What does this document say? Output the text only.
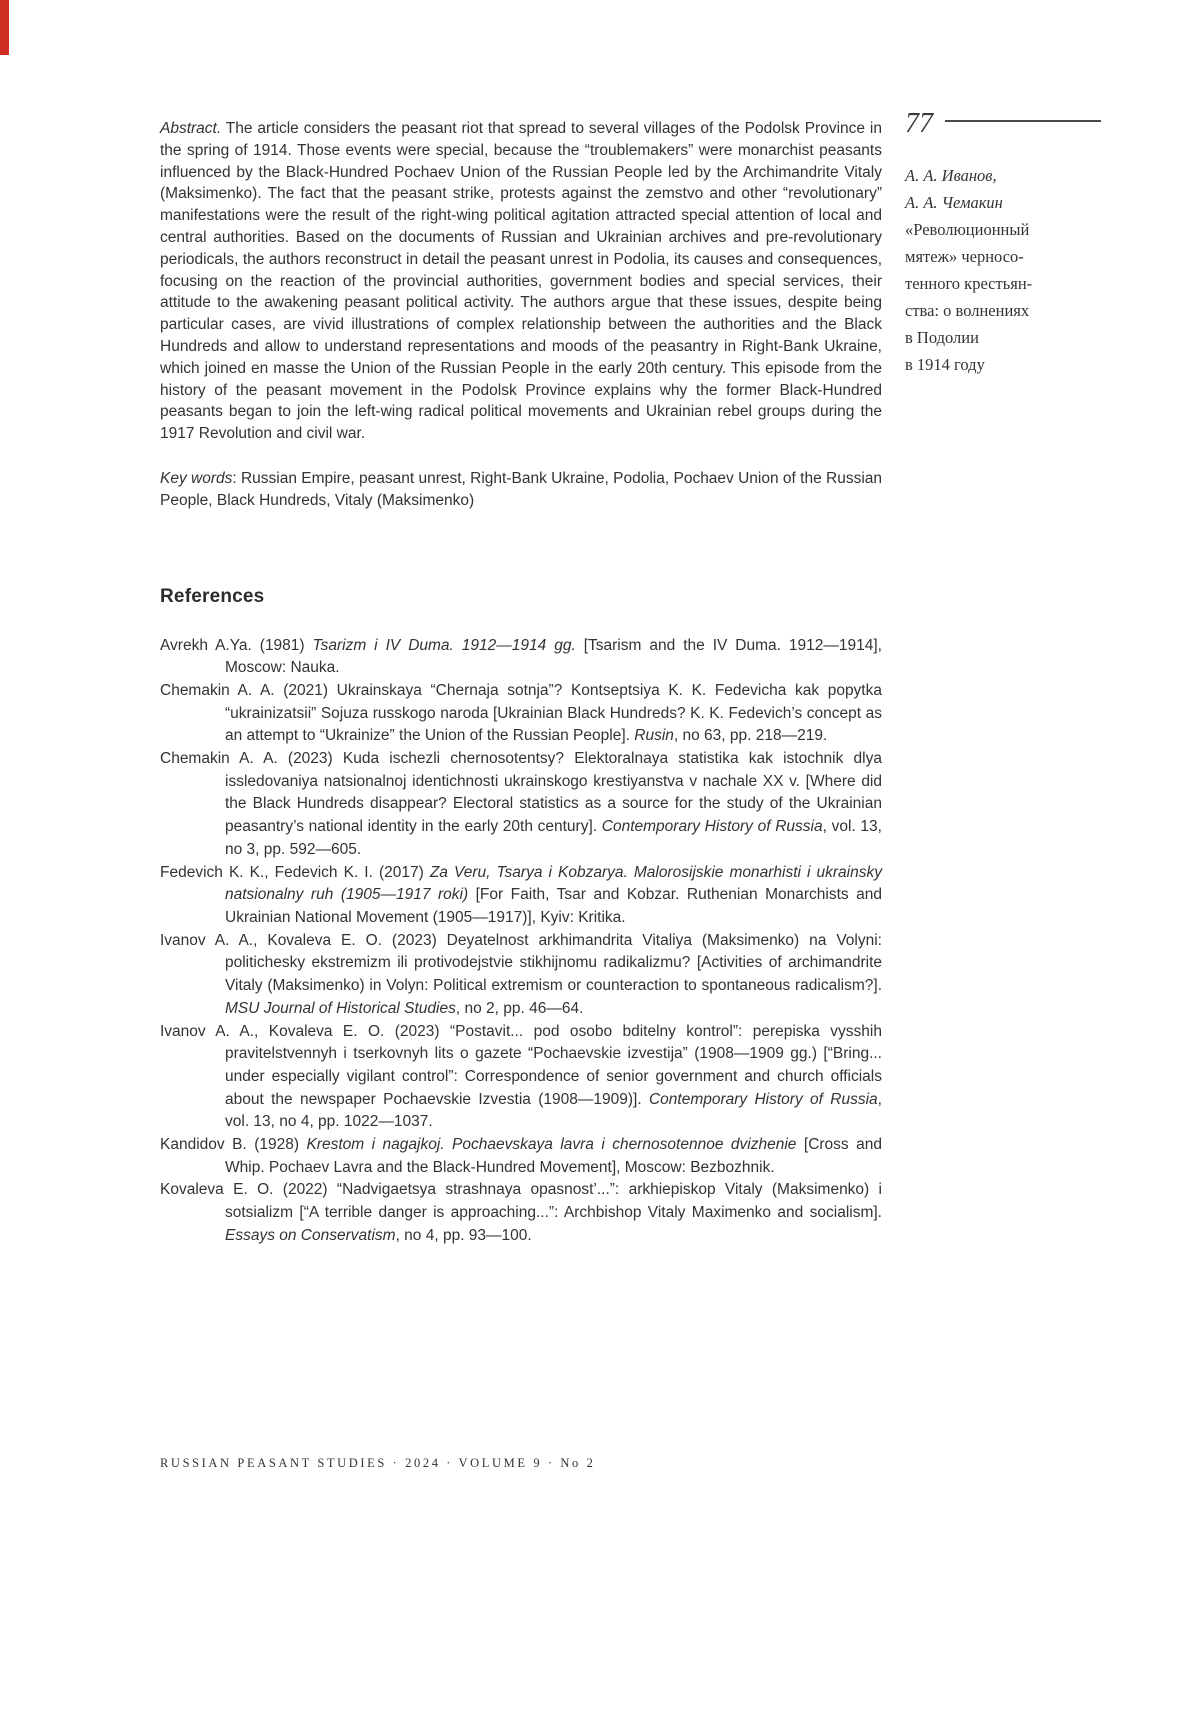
Abstract. The article considers the peasant riot that spread to several villages of the Podolsk Province in the spring of 1914. Those events were special, because the “troublemakers” were monarchist peasants influenced by the Black-Hundred Pochaev Union of the Russian People led by the Archimandrite Vitaly (Maksimenko). The fact that the peasant strike, protests against the zemstvo and other “revolutionary” manifestations were the result of the right-wing political agitation attracted special attention of local and central authorities. Based on the documents of Russian and Ukrainian archives and pre-revolutionary periodicals, the authors reconstruct in detail the peasant unrest in Podolia, its causes and consequences, focusing on the reaction of the provincial authorities, government bodies and special services, their attitude to the awakening peasant political activity. The authors argue that these issues, despite being particular cases, are vivid illustrations of complex relationship between the authorities and the Black Hundreds and allow to understand representations and moods of the peasantry in Right-Bank Ukraine, which joined en masse the Union of the Russian People in the early 20th century. This episode from the history of the peasant movement in the Podolsk Province explains why the former Black-Hundred peasants began to join the left-wing radical political movements and Ukrainian rebel groups during the 1917 Revolution and civil war.

Key words: Russian Empire, peasant unrest, Right-Bank Ukraine, Podolia, Pochaev Union of the Russian People, Black Hundreds, Vitaly (Maksimenko)

References

Avrekh A.Ya. (1981) Tsarizm i IV Duma. 1912—1914 gg. [Tsarism and the IV Duma. 1912—1914], Moscow: Nauka.

Chemakin A. A. (2021) Ukrainskaya “Chernaja sotnja”? Kontseptsiya K. K. Fedevicha kak popytka “ukrainizatsii” Sojuza russkogo naroda [Ukrainian Black Hundreds? K. K. Fedevich’s concept as an attempt to “Ukrainize” the Union of the Russian People]. Rusin, no 63, pp. 218—219.

Chemakin A. A. (2023) Kuda ischezli chernosotentsy? Elektoralnaya statistika kak istochnik dlya issledovaniya natsionalnoj identichnosti ukrainskogo krestiyanstva v nachale XX v. [Where did the Black Hundreds disappear? Electoral statistics as a source for the study of the Ukrainian peasantry’s national identity in the early 20th century]. Contemporary History of Russia, vol. 13, no 3, pp. 592—605.

Fedevich K. K., Fedevich K. I. (2017) Za Veru, Tsarya i Kobzarya. Malorosijskie monarhisti i ukrainsky natsionalny ruh (1905—1917 roki) [For Faith, Tsar and Kobzar. Ruthenian Monarchists and Ukrainian National Movement (1905—1917)], Kyiv: Kritika.

Ivanov A. A., Kovaleva E. O. (2023) Deyatelnost arkhimandrita Vitaliya (Maksimenko) na Volyni: politichesky ekstremizm ili protivodejstvie stikhijnomu radikalizmu? [Activities of archimandrite Vitaly (Maksimenko) in Volyn: Political extremism or counteraction to spontaneous radicalism?]. MSU Journal of Historical Studies, no 2, pp. 46—64.

Ivanov A. A., Kovaleva E. O. (2023) “Postavit... pod osobo bditelny kontrol”: perepiska vysshih pravitelstvennyh i tserkovnyh lits o gazete “Pochaevskie izvestija” (1908—1909 gg.) [“Bring... under especially vigilant control”: Correspondence of senior government and church officials about the newspaper Pochaevskie Izvestia (1908—1909)]. Contemporary History of Russia, vol. 13, no 4, pp. 1022—1037.

Kandidov B. (1928) Krestom i nagajkoj. Pochaevskaya lavra i chernosotennoe dvizhenie [Cross and Whip. Pochaev Lavra and the Black-Hundred Movement], Moscow: Bezbozhnik.

Kovaleva E. O. (2022) “Nadvigaetsya strashnaya opasnost’...”: arkhiepiskop Vitaly (Maksimenko) i sotsializm [“A terrible danger is approaching...”: Archbishop Vitaly Maximenko and socialism]. Essays on Conservatism, no 4, pp. 93—100.

77
А. А. Иванов,
А. А. Чемакин
«Революционный
мятеж» черносо-
тенного крестьян-
ства: о волнениях
в Подолии
в 1914 году
RUSSIAN PEASANT STUDIES · 2024 · VOLUME 9 · No 2
